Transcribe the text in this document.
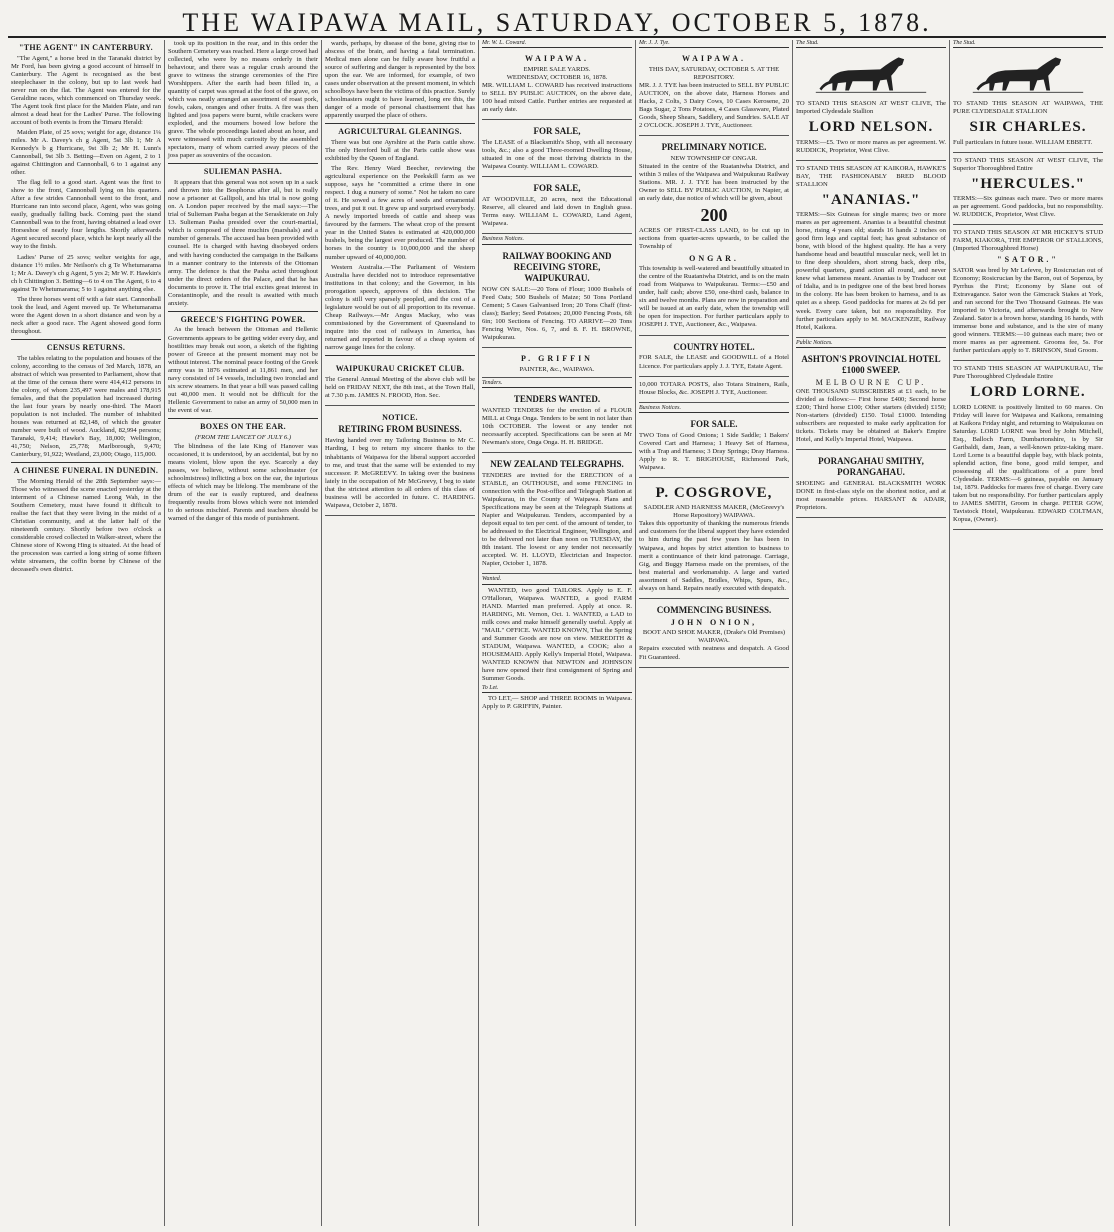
THE WAIPAWA MAIL, SATURDAY, OCTOBER 5, 1878.
"THE AGENT" IN CANTERBURY.

"The Agent," a horse bred in the Taranaki district by Mr Ford, has been giving a good account of himself in Canterbury. The Agent is recognised as the best steeplechaser in the colony, but up to last week had never run on the flat. The Agent was entered for the Geraldine races, which commenced on Thursday week. The Agent took first place for the Maiden Plate, and ran almost a dead heat for the Ladies' Purse. The following account of both events is from the Timaru Herald:

Maiden Plate, of 25 sovs; weight for age, distance 1¼ miles. Mr A. Davey's ch g Agent, 5st 3lb 1; Mr A Kennedy's b g Hurricane, 9st 3lb 2; Mr H. Lunn's Cannonball, 9st 3lb 3. Betting—Even on Agent, 2 to 1 against Chittington and Cannonball, 6 to 1 against any other.

The flag fell to a good start. Agent was the first to show to the front, Cannonball lying on his quarters. After a few strides Cannonball went to the front, and Hurricane ran into second place, Agent, who was going easily, gradually falling back. Coming past the stand Cannonball was to the front, having obtained a lead over Horseshoe of nearly four lengths. Shortly afterwards Agent secured second place, which he kept nearly all the way to the finish.

Ladies' Purse of 25 sovs; welter weights for age, distance 1½ miles. Mr Neilson's ch g Te Whetumarama 1; Mr A. Davey's ch g Agent, 5 yrs 2; Mr W. F. Hawkin's ch h Chittington 3. Betting—6 to 4 on The Agent, 6 to 4 against Te Whetumarama; 5 to 1 against anything else.

The three horses went off with a fair start. Cannonball took the lead, and Agent moved up. Te Whetumarama wore the Agent down in a short distance and won by a neck after a good race. The Agent showed good form throughout.

CENSUS RETURNS.

The tables relating to the population and houses of the colony, according to the census of 3rd March, 1878, an abstract of which was presented to Parliament, show that at the time of the census there were 414,412 persons in the colony, of whom 235,497 were males and 178,915 females, and that the population had increased during the last four years by nearly one-third. The Maori population is not included. The number of inhabited houses was returned at 82,148, of which the greater number were built of wood. Auckland, 82,994 persons; Taranaki, 9,414; Hawke's Bay, 18,000; Wellington, 41,750; Nelson, 25,778; Marlborough, 9,470; Canterbury, 91,922; Westland, 23,000; Otago, 115,000.

A CHINESE FUNERAL IN DUNEDIN.

The Morning Herald of the 28th September says:—Those who witnessed the scene enacted yesterday at the interment of a Chinese named Leong Wah, in the Southern Cemetery, must have found it difficult to realise the fact that they were living in the midst of a Christian community, and at the latter half of the nineteenth century. Shortly before two o'clock a considerable crowd collected in Walker-street, where the Chinese store of Kwong Hing is situated. At the head of the procession was carried a long string of some fifteen white streamers, the coffin borne by Chinese of the deceased's own district.

took up its position in the rear, and in this order the Southern Cemetery was reached. Here a large crowd had collected, who were by no means orderly in their behaviour, and there was a regular crush around the grave to witness the strange ceremonies of the Fire Worshippers. After the earth had been filled in, a quantity of carpet was spread at the foot of the grave, on which was neatly arranged an assortment of roast pork, fowls, cakes, oranges and other fruits. A fire was then lighted and joss papers were burnt, while crackers were exploded, and the mourners bowed low before the grave. The whole proceedings lasted about an hour, and were witnessed with much curiosity by the assembled spectators, many of whom carried away pieces of the joss paper as souvenirs of the occasion.

SULIEMAN PASHA.

It appears that this general was not sown up in a sack and thrown into the Bosphorus after all, but is really now a prisoner at Gallipoli, and his trial is now going on. A London paper received by the mail says:—The trial of Sulieman Pasha began at the Seraskierate on July 13. Sulieman Pasha presided over the court-martial, which is composed of three muchirs (marshals) and a number of generals. The accused has been provided with counsel. He is charged with having disobeyed orders and with having conducted the campaign in the Balkans in a manner contrary to the interests of the Ottoman army. The defence is that the Pasha acted throughout under the direct orders of the Palace, and that he has documents to prove it. The trial excites great interest in Constantinople, and the result is awaited with much anxiety.

GREECE'S FIGHTING POWER.

As the breach between the Ottoman and Hellenic Governments appears to be getting wider every day, and hostilities may break out soon, a sketch of the fighting power of Greece at the present moment may not be without interest. The nominal peace footing of the Greek army was in 1876 estimated at 11,861 men, and her navy consisted of 14 vessels, including two ironclad and six screw steamers. In that year a bill was passed calling out 40,000 men. It would not be difficult for the Hellenic Government to raise an army of 50,000 men in the event of war.

BOXES ON THE EAR.
(FROM THE LANCET OF JULY 6.)

The blindness of the late King of Hanover was occasioned, it is understood, by an accidental, but by no means violent, blow upon the eye. Scarcely a day passes, we believe, without some schoolmaster (or schoolmistress) inflicting a box on the ear, the injurious effects of which may be lifelong. The membrane of the drum of the ear is easily ruptured, and deafness frequently results from blows which were not intended to do serious mischief. Parents and teachers should be warned of the danger of this mode of punishment.

wards, perhaps, by disease of the bone, giving rise to abscess of the brain, and having a fatal termination. Medical men alone can be fully aware how fruitful a source of suffering and danger is represented by the box upon the ear. We are informed, for example, of two cases under observation at the present moment, in which schoolboys have been the victims of this practice. Surely schoolmasters ought to have learned, long ere this, the danger of a mode of personal chastisement that has apparently usurped the place of others.

AGRICULTURAL GLEANINGS.

There was but one Ayrshire at the Paris cattle show. The only Hereford bull at the Paris cattle show was exhibited by the Queen of England.

The Rev. Henry Ward Beecher, reviewing the agricultural experience on the Peekskill farm as we suppose, says he "committed a crime there in one respect. I dug a nursery of some." Not he taken no care of it. He sowed a few acres of seeds and ornamental trees, and put it out. It grew up and surprised everybody. A newly imported breeds of cattle and sheep was favoured by the farmers. The wheat crop of the present year in the United States is estimated at 420,000,000 bushels, being the largest ever produced. The number of horses in the country is 10,000,000 and the sheep number upward of 40,000,000.

Western Australia.—The Parliament of Western Australia have decided not to introduce representative institutions in that colony; and the Governor, in his prorogation speech, approves of this decision. The colony is still very sparsely peopled, and the cost of a legislature would be out of all proportion to its revenue. Cheap Railways.—Mr Angus Mackay, who was commissioned by the Government of Queensland to inquire into the cost of railways in America, has returned and reported in favour of a cheap system of narrow gauge lines for the colony.

WAIPUKURAU CRICKET CLUB.

The General Annual Meeting of the above club will be held on FRIDAY NEXT, the 8th inst., at the Town Hall, at 7.30 p.m. JAMES N. FROOD, Hon. Sec.

NOTICE.
RETIRING FROM BUSINESS.

Having handed over my Tailoring Business to Mr C. Harding, I beg to return my sincere thanks to the inhabitants of Waipawa for the liberal support accorded to me, and trust that the same will be extended to my successor. P. McGREEVY. In taking over the business lately in the occupation of Mr McGreevy, I beg to state that the strictest attention to all orders of this class of business will be accorded in future. C. HARDING. Waipawa, October 2, 1878.

Mr. W. L. Coward.
WAIPAWA.
EMPIRE SALE YARDS.
WEDNESDAY, OCTOBER 16, 1878.

MR. WILLIAM L. COWARD has received instructions to SELL BY PUBLIC AUCTION, on the above date, 100 head mixed Cattle. Further entries are requested at an early date.

FOR SALE,

The LEASE of a Blacksmith's Shop, with all necessary tools, &c.; also a good Three-roomed Dwelling House, situated in one of the most thriving districts in the Waipawa County. WILLIAM L. COWARD.

FOR SALE,

AT WOODVILLE, 20 acres, next the Educational Reserve, all cleared and laid down in English grass. Terms easy. WILLIAM L. COWARD, Land Agent, Waipawa.

Business Notices.
RAILWAY BOOKING AND RECEIVING STORE, WAIPUKURAU.

NOW ON SALE:—20 Tons of Flour; 1000 Bushels of Feed Oats; 500 Bushels of Maize; 50 Tons Portland Cement; 5 Cases Galvanised Iron; 20 Tons Chaff (first-class); Barley; Seed Potatoes; 20,000 Fencing Posts, 6ft 6in; 100 Sections of Fencing. TO ARRIVE—20 Tons Fencing Wire, Nos. 6, 7, and 8. F. H. BROWNE, Waipukurau.

P. GRIFFIN
PAINTER, &c., WAIPAWA.
Tenders.
TENDERS WANTED.

WANTED TENDERS for the erection of a FLOUR MILL at Onga Onga. Tenders to be sent in not later than 10th OCTOBER. The lowest or any tender not necessarily accepted. Specifications can be seen at Mr Newman's store, Onga Onga. H. H. BRIDGE.

NEW ZEALAND TELEGRAPHS.

TENDERS are invited for the ERECTION of a STABLE, an OUTHOUSE, and some FENCING in connection with the Post-office and Telegraph Station at Waipukurau, in the County of Waipawa. Plans and Specifications may be seen at the Telegraph Stations at Napier and Waipukurau. Tenders, accompanied by a deposit equal to ten per cent. of the amount of tender, to be addressed to the Electrical Engineer, Wellington, and to be delivered not later than noon on TUESDAY, the 8th instant. The lowest or any tender not necessarily accepted. W. H. LLOYD, Electrician and Inspector. Napier, October 1, 1878.

Wanted.

WANTED, two good TAILORS. Apply to E. F. O'Halloran, Waipawa. WANTED, a good FARM HAND. Married man preferred. Apply at once. R. HARDING, Mt. Vernon, Oct. 1. WANTED, a LAD to milk cows and make himself generally useful. Apply at "MAIL" OFFICE. WANTED KNOWN, That the Spring and Summer Goods are now on view. MEREDITH & STADUM, Waipawa. WANTED, a COOK; also a HOUSEMAID. Apply Kelly's Imperial Hotel, Waipawa. WANTED KNOWN that NEWTON and JOHNSON have now opened their first consignment of Spring and Summer Goods.

To Let.

TO LET,— SHOP and THREE ROOMS in Waipawa. Apply to P. GRIFFIN, Painter.

Mr. J. J. Tye.
WAIPAWA.
THIS DAY, SATURDAY, OCTOBER 5. AT THE REPOSITORY.

MR. J. J. TYE has been instructed to SELL BY PUBLIC AUCTION, on the above date, Harness Horses and Hacks, 2 Colts, 3 Dairy Cows, 10 Cases Kerosene, 20 Bags Sugar, 2 Tons Potatoes, 4 Cases Glassware, Plated Goods, Sheep Shears, Saddlery, and Sundries. SALE AT 2 O'CLOCK. JOSEPH J. TYE, Auctioneer.

PRELIMINARY NOTICE.
NEW TOWNSHIP OF ONGAR.

Situated in the centre of the Ruataniwha District, and within 3 miles of the Waipawa and Waipukurau Railway Stations. MR. J. J. TYE has been instructed by the Owner to SELL BY PUBLIC AUCTION, in Napier, at an early date, due notice of which will be given, about

200

ACRES OF FIRST-CLASS LAND, to be cut up in sections from quarter-acres upwards, to be called the Township of

ONGAR.

This township is well-watered and beautifully situated in the centre of the Ruataniwha District, and is on the main road from Waipawa to Waipukurau. Terms:—£50 and under, half cash; above £50, one-third cash, balance in six and twelve months. Plans are now in preparation and will be issued at an early date, when the township will be open for inspection. For further particulars apply to JOSEPH J. TYE, Auctioneer, &c., Waipawa.

COUNTRY HOTEL.

FOR SALE, the LEASE and GOODWILL of a Hotel Licence. For particulars apply J. J. TYE, Estate Agent.

10,000 TOTARA POSTS, also Totara Strainers, Rails, House Blocks, &c. JOSEPH J. TYE, Auctioneer.

Business Notices.
FOR SALE.

TWO Tons of Good Onions; 1 Side Saddle; 1 Bakers' Covered Cart and Harness; 1 Heavy Set of Harness, with a Trap and Harness; 3 Dray Springs; Dray Harness. Apply to R. T. BRIGHOUSE, Richmond Park, Waipawa.

P. COSGROVE,
SADDLER AND HARNESS MAKER, (McGreevy's Horse Repository) WAIPAWA.

Takes this opportunity of thanking the numerous friends and customers for the liberal support they have extended to him during the past few years he has been in Waipawa, and hopes by strict attention to business to merit a continuance of their kind patronage. Carriage, Gig, and Buggy Harness made on the premises, of the best material and workmanship. A large and varied assortment of Saddles, Bridles, Whips, Spurs, &c., always on hand. Repairs neatly executed with despatch.

COMMENCING BUSINESS.
JOHN ONION,
BOOT AND SHOE MAKER, (Drake's Old Premises) WAIPAWA.

Repairs executed with neatness and despatch. A Good Fit Guaranteed.

The Stud.

TO STAND THIS SEASON AT WEST CLIVE, The Imported Clydesdale Stallion

LORD NELSON.

TERMS:—£5. Two or more mares as per agreement. W. RUDDICK, Proprietor, West Clive.

TO STAND THIS SEASON AT KAIKORA, HAWKE'S BAY, THE FASHIONABLY BRED BLOOD STALLION

"ANANIAS."

TERMS:—Six Guineas for single mares; two or more mares as per agreement. Ananias is a beautiful chestnut horse, rising 4 years old; stands 16 hands 2 inches on good firm legs and capital feet; has great substance of bone, with blood of the highest quality. He has a very handsome head and beautiful muscular neck, well let in to fine deep shoulders, short strong back, deep ribs, powerful quarters, grand action all round, and never knew what lameness meant. Ananias is by Traducer out of Idalia, and is in pedigree one of the best bred horses in the colony. He has been broken to harness, and is as quiet as a sheep. Good paddocks for mares at 2s 6d per week. Every care taken, but no responsibility. For further particulars apply to M. MACKENZIE, Railway Hotel, Kaikora.

Public Notices.
ASHTON'S PROVINCIAL HOTEL £1000 SWEEP.
MELBOURNE CUP.

ONE THOUSAND SUBSCRIBERS at £1 each, to be divided as follows:— First horse £400; Second horse £200; Third horse £100; Other starters (divided) £150; Non-starters (divided) £150. Total £1000. Intending subscribers are requested to make early application for tickets. Tickets may be obtained at Baker's Empire Hotel, and Kelly's Imperial Hotel, Waipawa.

PORANGAHAU SMITHY, PORANGAHAU.

SHOEING and GENERAL BLACKSMITH WORK DONE in first-class style on the shortest notice, and at most reasonable prices. HARSANT & ADAIR, Proprietors.

The Stud.

TO STAND THIS SEASON AT WAIPAWA, THE PURE CLYDESDALE STALLION

SIR CHARLES.

Full particulars in future issue. WILLIAM EBBETT.

TO STAND THIS SEASON AT WEST CLIVE, The Superior Thoroughbred Entire

"HERCULES."

TERMS:—Six guineas each mare. Two or more mares as per agreement. Good paddocks, but no responsibility. W. RUDDICK, Proprietor, West Clive.

TO STAND THIS SEASON AT MR HICKEY'S STUD FARM, KIAKORA, THE EMPEROR OF STALLIONS, (Imported Thoroughbred Horse)

"SATOR."

SATOR was bred by Mr Lefevre, by Rosicrucian out of Economy; Rosicrucian by the Baron, out of Sopenza, by Pyrrhus the First; Economy by Slane out of Extravagance. Sator won the Gimcrack Stakes at York, and ran second for the Two Thousand Guineas. He was imported to Victoria, and afterwards brought to New Zealand. Sator is a brown horse, standing 16 hands, with immense bone and substance, and is the sire of many good winners. TERMS:—10 guineas each mare; two or more mares as per agreement. Grooms fee, 5s. For further particulars apply to T. BRINSON, Stud Groom.

TO STAND THIS SEASON AT WAIPUKURAU, The Pure Thoroughbred Clydesdale Entire

LORD LORNE.

LORD LORNE is positively limited to 60 mares. On Friday will leave for Waipawa and Kaikora, remaining at Kaikora Friday night, and returning to Waipukurau on Saturday. LORD LORNE was bred by John Mitchell, Esq., Balloch Farm, Dumbartonshire, is by Sir Garibaldi, dam, Jean, a well-known prize-taking mare. Lord Lorne is a beautiful dapple bay, with black points, splendid action, fine bone, good mild temper, and possessing all the qualifications of a pure bred Clydesdale. TERMS:—6 guineas, payable on January 1st, 1879. Paddocks for mares free of charge. Every care taken but no responsibility. For further particulars apply to JAMES SMITH, Groom in charge. PETER GOW, Tavistock Hotel, Waipukurau. EDWARD COLTMAN, Kopua, (Owner).
